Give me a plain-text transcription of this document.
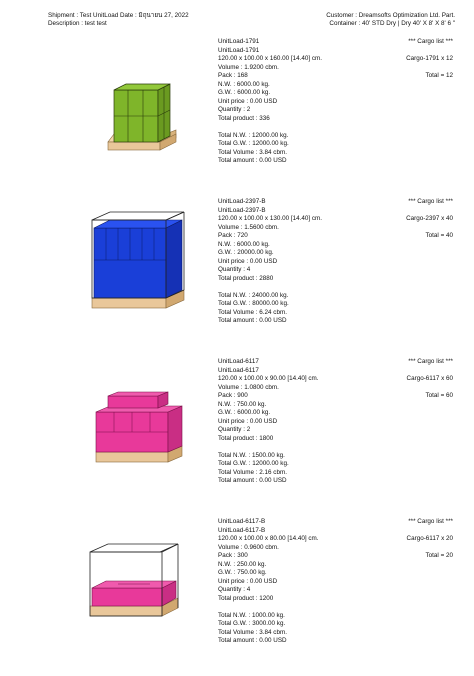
Shipment : Test UnitLoad Date : มิถุนายน 27, 2022
Description : test test
Customer : Dreamsofts Optimization Ltd. Part.
Container : 40' STD Dry | Dry 40' X 8' X 8' 6 "
UnitLoad-1791
UnitLoad-1791
120.00 x 100.00 x 160.00 [14.40] cm.
Volume : 1.9200 cbm.
Pack : 168
N.W. : 6000.00 kg.
G.W. : 6000.00 kg.
Unit price : 0.00 USD
Quantity : 2
Total product : 336
Total N.W. : 12000.00 kg.
Total G.W. : 12000.00 kg.
Total Volume : 3.84 cbm.
Total amount : 0.00 USD
*** Cargo list ***
Cargo-1791 x 12
Total = 12
UnitLoad-2397-B
UnitLoad-2397-B
120.00 x 100.00 x 130.00 [14.40] cm.
Volume : 1.5600 cbm.
Pack : 720
N.W. : 6000.00 kg.
G.W. : 20000.00 kg.
Unit price : 0.00 USD
Quantity : 4
Total product : 2880
Total N.W. : 24000.00 kg.
Total G.W. : 80000.00 kg.
Total Volume : 6.24 cbm.
Total amount : 0.00 USD
*** Cargo list ***
Cargo-2397 x 40
Total = 40
UnitLoad-6117
UnitLoad-6117
120.00 x 100.00 x 90.00 [14.40] cm.
Volume : 1.0800 cbm.
Pack : 900
N.W. : 750.00 kg.
G.W. : 6000.00 kg.
Unit price : 0.00 USD
Quantity : 2
Total product : 1800
Total N.W. : 1500.00 kg.
Total G.W. : 12000.00 kg.
Total Volume : 2.16 cbm.
Total amount : 0.00 USD
*** Cargo list ***
Cargo-6117 x 60
Total = 60
UnitLoad-6117-B
UnitLoad-6117-B
120.00 x 100.00 x 80.00 [14.40] cm.
Volume : 0.9600 cbm.
Pack : 300
N.W. : 250.00 kg.
G.W. : 750.00 kg.
Unit price : 0.00 USD
Quantity : 4
Total product : 1200
Total N.W. : 1000.00 kg.
Total G.W. : 3000.00 kg.
Total Volume : 3.84 cbm.
Total amount : 0.00 USD
*** Cargo list ***
Cargo-6117 x 20
Total = 20
